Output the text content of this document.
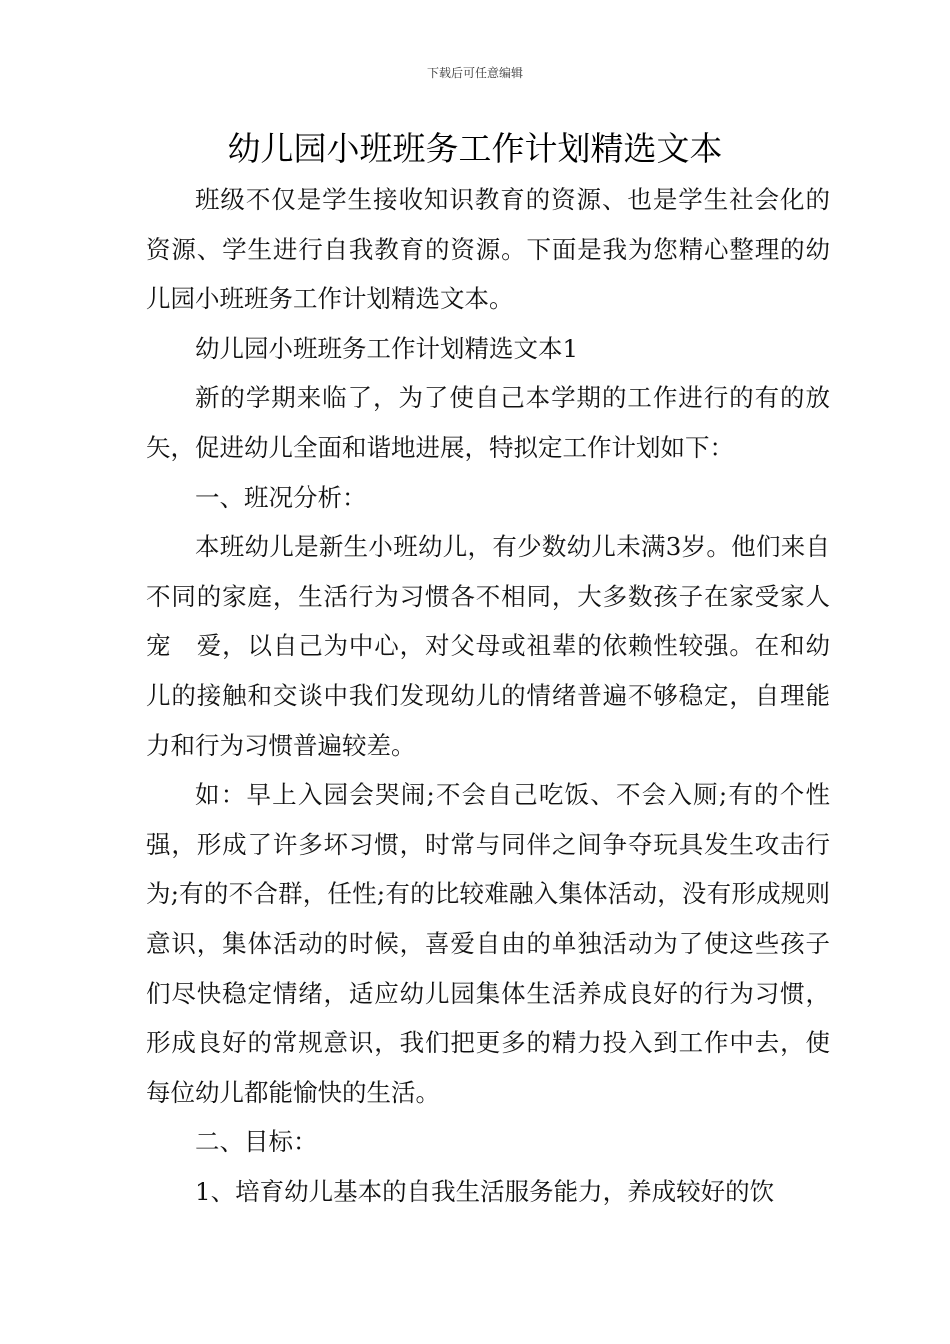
下载后可任意编辑
幼儿园小班班务工作计划精选文本

班级不仅是学生接收知识教育的资源、也是学生社会化的资源、学生进行自我教育的资源。下面是我为您精心整理的幼儿园小班班务工作计划精选文本。

幼儿园小班班务工作计划精选文本1

新的学期来临了，为了使自己本学期的工作进行的有的放矢，促进幼儿全面和谐地进展，特拟定工作计划如下：

一、班况分析：

本班幼儿是新生小班幼儿，有少数幼儿未满3岁。他们来自不同的家庭，生活行为习惯各不相同，大多数孩子在家受家人宠　爱，以自己为中心，对父母或祖辈的依赖性较强。在和幼儿的接触和交谈中我们发现幼儿的情绪普遍不够稳定，自理能力和行为习惯普遍较差。

如：早上入园会哭闹;不会自己吃饭、不会入厕;有的个性强，形成了许多坏习惯，时常与同伴之间争夺玩具发生攻击行为;有的不合群，任性;有的比较难融入集体活动，没有形成规则意识，集体活动的时候，喜爱自由的单独活动为了使这些孩子们尽快稳定情绪，适应幼儿园集体生活养成良好的行为习惯，形成良好的常规意识，我们把更多的精力投入到工作中去，使每位幼儿都能愉快的生活。

二、目标：

1、培育幼儿基本的自我生活服务能力，养成较好的饮
